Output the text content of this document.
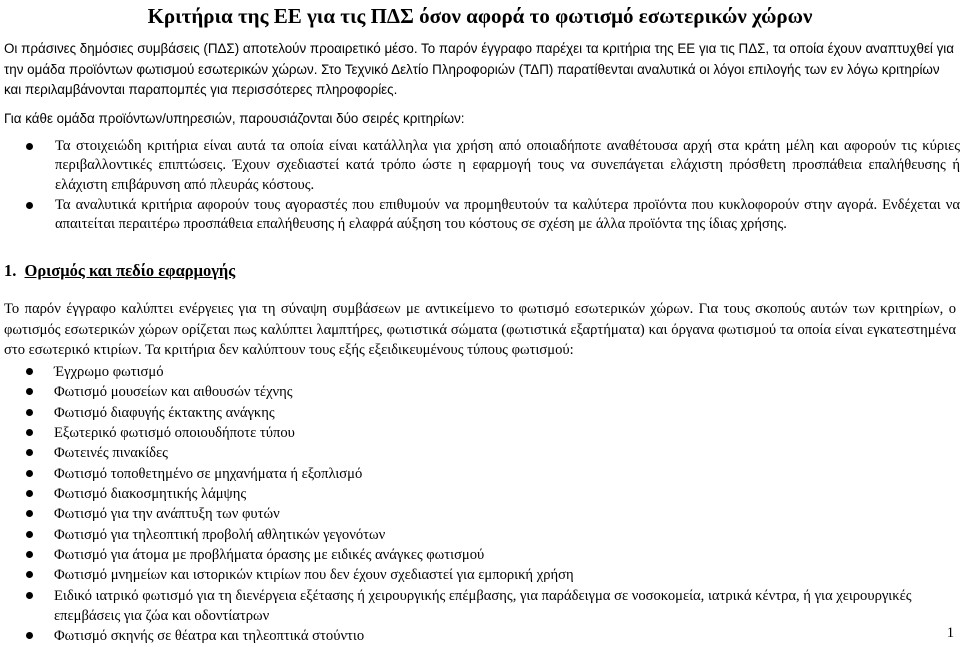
Κριτήρια της ΕΕ για τις ΠΔΣ όσον αφορά το φωτισμό εσωτερικών χώρων

Οι πράσινες δημόσιες συμβάσεις (ΠΔΣ) αποτελούν προαιρετικό μέσο. Το παρόν έγγραφο παρέχει τα κριτήρια της ΕΕ για τις ΠΔΣ, τα οποία έχουν αναπτυχθεί για την ομάδα προϊόντων φωτισμού εσωτερικών χώρων. Στο Τεχνικό Δελτίο Πληροφοριών (ΤΔΠ) παρατίθενται αναλυτικά οι λόγοι επιλογής των εν λόγω κριτηρίων και περιλαμβάνονται παραπομπές για περισσότερες πληροφορίες.

Για κάθε ομάδα προϊόντων/υπηρεσιών, παρουσιάζονται δύο σειρές κριτηρίων:

Τα στοιχειώδη κριτήρια είναι αυτά τα οποία είναι κατάλληλα για χρήση από οποιαδήποτε αναθέτουσα αρχή στα κράτη μέλη και αφορούν τις κύριες περιβαλλοντικές επιπτώσεις. Έχουν σχεδιαστεί κατά τρόπο ώστε η εφαρμογή τους να συνεπάγεται ελάχιστη πρόσθετη προσπάθεια επαλήθευσης ή ελάχιστη επιβάρυνση από πλευράς κόστους.
Τα αναλυτικά κριτήρια αφορούν τους αγοραστές που επιθυμούν να προμηθευτούν τα καλύτερα προϊόντα που κυκλοφορούν στην αγορά. Ενδέχεται να απαιτείται περαιτέρω προσπάθεια επαλήθευσης ή ελαφρά αύξηση του κόστους σε σχέση με άλλα προϊόντα της ίδιας χρήσης.
1. Ορισμός και πεδίο εφαρμογής

Το παρόν έγγραφο καλύπτει ενέργειες για τη σύναψη συμβάσεων με αντικείμενο το φωτισμό εσωτερικών χώρων. Για τους σκοπούς αυτών των κριτηρίων, ο φωτισμός εσωτερικών χώρων ορίζεται πως καλύπτει λαμπτήρες, φωτιστικά σώματα (φωτιστικά εξαρτήματα) και όργανα φωτισμού τα οποία είναι εγκατεστημένα στο εσωτερικό κτιρίων. Τα κριτήρια δεν καλύπτουν τους εξής εξειδικευμένους τύπους φωτισμού:

Έγχρωμο φωτισμό
Φωτισμό μουσείων και αιθουσών τέχνης
Φωτισμό διαφυγής έκτακτης ανάγκης
Εξωτερικό φωτισμό οποιουδήποτε τύπου
Φωτεινές πινακίδες
Φωτισμό τοποθετημένο σε μηχανήματα ή εξοπλισμό
Φωτισμό διακοσμητικής λάμψης
Φωτισμό για την ανάπτυξη των φυτών
Φωτισμό για τηλεοπτική προβολή αθλητικών γεγονότων
Φωτισμό για άτομα με προβλήματα όρασης με ειδικές ανάγκες φωτισμού
Φωτισμό μνημείων και ιστορικών κτιρίων που δεν έχουν σχεδιαστεί για εμπορική χρήση
Ειδικό ιατρικό φωτισμό για τη διενέργεια εξέτασης ή χειρουργικής επέμβασης, για παράδειγμα σε νοσοκομεία, ιατρικά κέντρα, ή για χειρουργικές επεμβάσεις για ζώα και οδοντίατρων
Φωτισμό σκηνής σε θέατρα και τηλεοπτικά στούντιο	1
